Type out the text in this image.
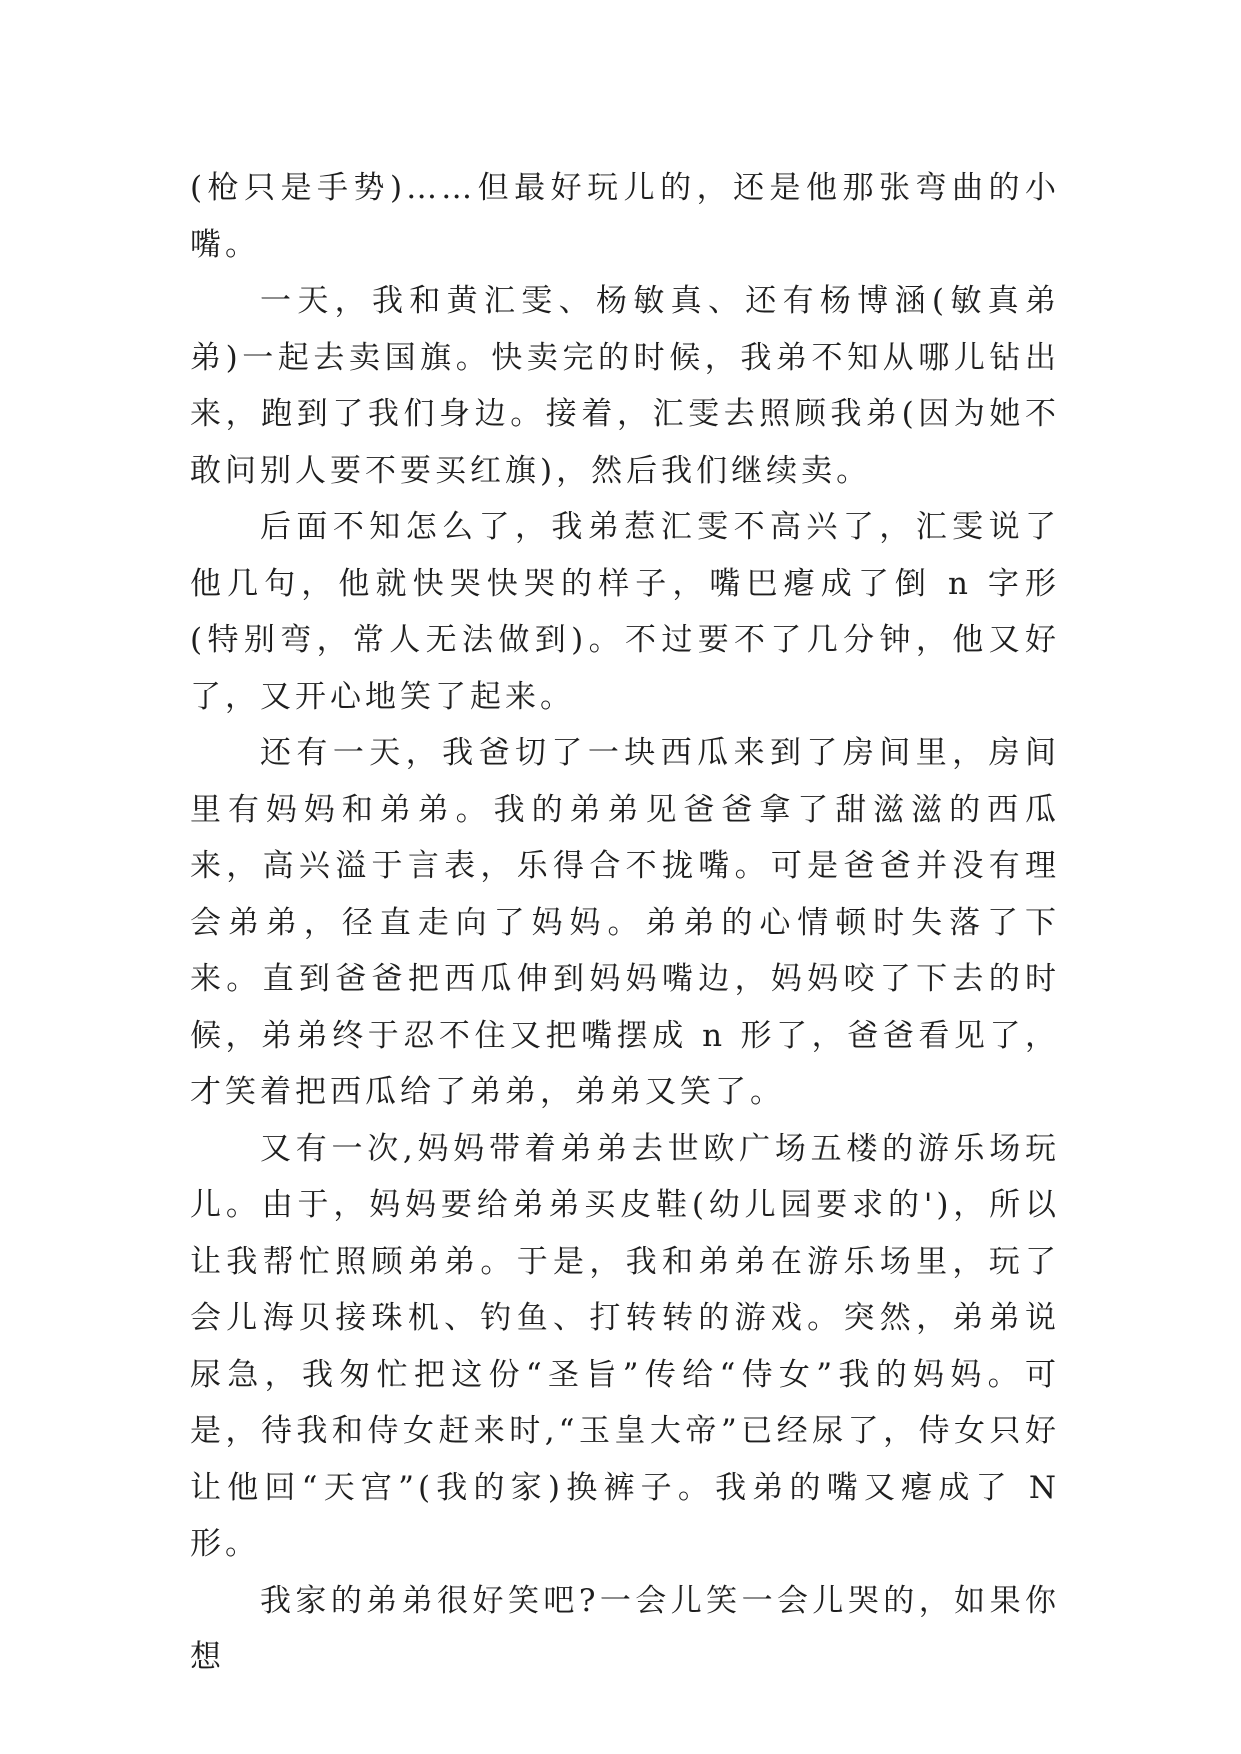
(枪只是手势)……但最好玩儿的，还是他那张弯曲的小嘴。

一天，我和黄汇雯、杨敏真、还有杨博涵(敏真弟弟)一起去卖国旗。快卖完的时候，我弟不知从哪儿钻出来，跑到了我们身边。接着，汇雯去照顾我弟(因为她不敢问别人要不要买红旗)，然后我们继续卖。

后面不知怎么了，我弟惹汇雯不高兴了，汇雯说了他几句，他就快哭快哭的样子，嘴巴瘪成了倒 n 字形(特别弯，常人无法做到)。不过要不了几分钟，他又好了，又开心地笑了起来。

还有一天，我爸切了一块西瓜来到了房间里，房间里有妈妈和弟弟。我的弟弟见爸爸拿了甜滋滋的西瓜来，高兴溢于言表，乐得合不拢嘴。可是爸爸并没有理会弟弟，径直走向了妈妈。弟弟的心情顿时失落了下来。直到爸爸把西瓜伸到妈妈嘴边，妈妈咬了下去的时候，弟弟终于忍不住又把嘴摆成 n 形了，爸爸看见了，才笑着把西瓜给了弟弟，弟弟又笑了。

又有一次,妈妈带着弟弟去世欧广场五楼的游乐场玩儿。由于，妈妈要给弟弟买皮鞋(幼儿园要求的')，所以让我帮忙照顾弟弟。于是，我和弟弟在游乐场里，玩了会儿海贝接珠机、钓鱼、打转转的游戏。突然，弟弟说尿急，我匆忙把这份“圣旨”传给“侍女”我的妈妈。可是，待我和侍女赶来时,“玉皇大帝”已经尿了，侍女只好让他回“天宫”(我的家)换裤子。我弟的嘴又瘪成了 N 形。

我家的弟弟很好笑吧?一会儿笑一会儿哭的，如果你想
